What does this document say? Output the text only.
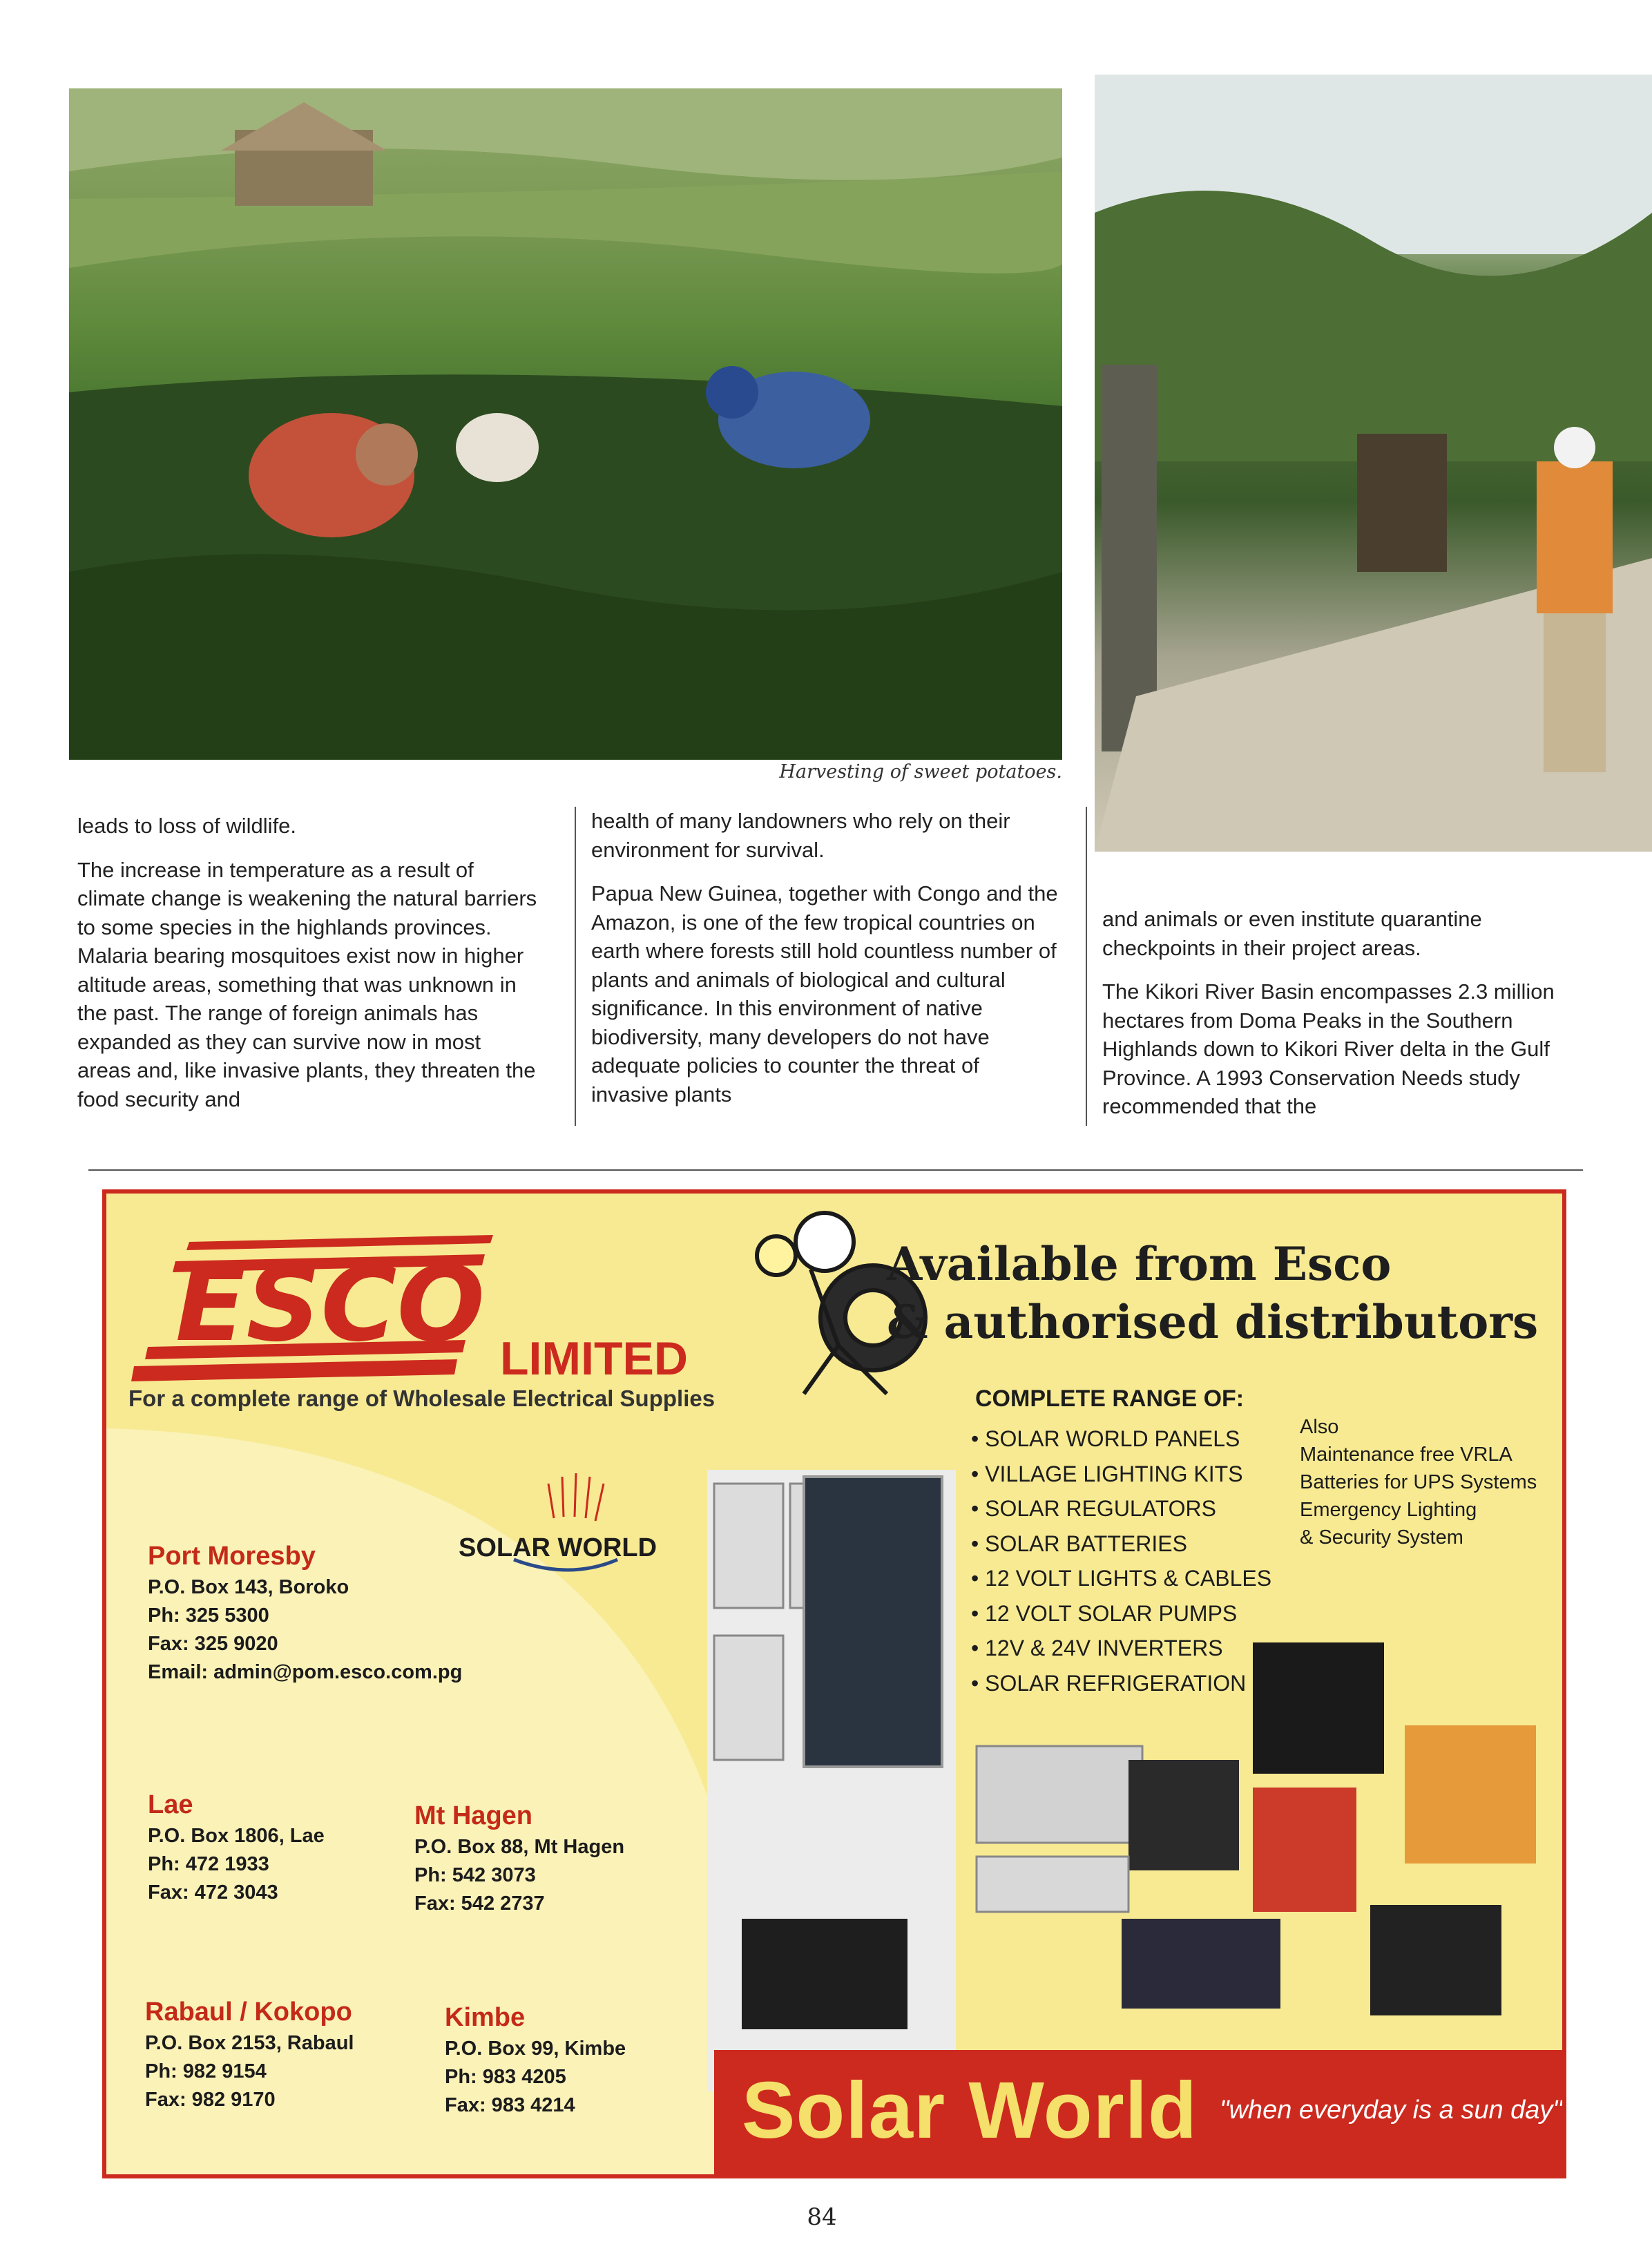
Harvesting of sweet potatoes.

leads to loss of wildlife.

The increase in temperature as a result of climate change is weakening the natural barriers to some species in the highlands provinces. Malaria bearing mosquitoes exist now in higher altitude areas, something that was unknown in the past. The range of foreign animals has expanded as they can survive now in most areas and, like invasive plants, they threaten the food security and

health of many landowners who rely on their environment for survival.

Papua New Guinea, together with Congo and the Amazon, is one of the few tropical countries on earth where forests still hold countless number of plants and animals of biological and cultural significance. In this environment of native biodiversity, many developers do not have adequate policies to counter the threat of invasive plants

and animals or even institute quarantine checkpoints in their project areas.

The Kikori River Basin encompasses 2.3 million hectares from Doma Peaks in the Southern Highlands down to Kikori River delta in the Gulf Province. A 1993 Conservation Needs study recommended that the

ESCO LIMITED
SOLAR WORLD
For a complete range of Wholesale Electrical Supplies
Available from Esco
& authorised distributors
Port Moresby
P.O. Box 143, Boroko
Ph: 325 5300
Fax: 325 9020
Email: admin@pom.esco.com.pg
Lae
P.O. Box 1806, Lae
Ph: 472 1933
Fax: 472 3043
Mt Hagen
P.O. Box 88, Mt Hagen
Ph: 542 3073
Fax: 542 2737
Rabaul / Kokopo
P.O. Box 2153, Rabaul
Ph: 982 9154
Fax: 982 9170
Kimbe
P.O. Box 99, Kimbe
Ph: 983 4205
Fax: 983 4214
COMPLETE RANGE OF:
• SOLAR WORLD PANELS
• VILLAGE LIGHTING KITS
• SOLAR REGULATORS
• SOLAR BATTERIES
• 12 VOLT LIGHTS & CABLES
• 12 VOLT SOLAR PUMPS
• 12V & 24V INVERTERS
• SOLAR REFRIGERATION
Also
Maintenance free VRLA
Batteries for UPS Systems
Emergency Lighting
& Security System
Solar World "when everyday is a sun day"
84
